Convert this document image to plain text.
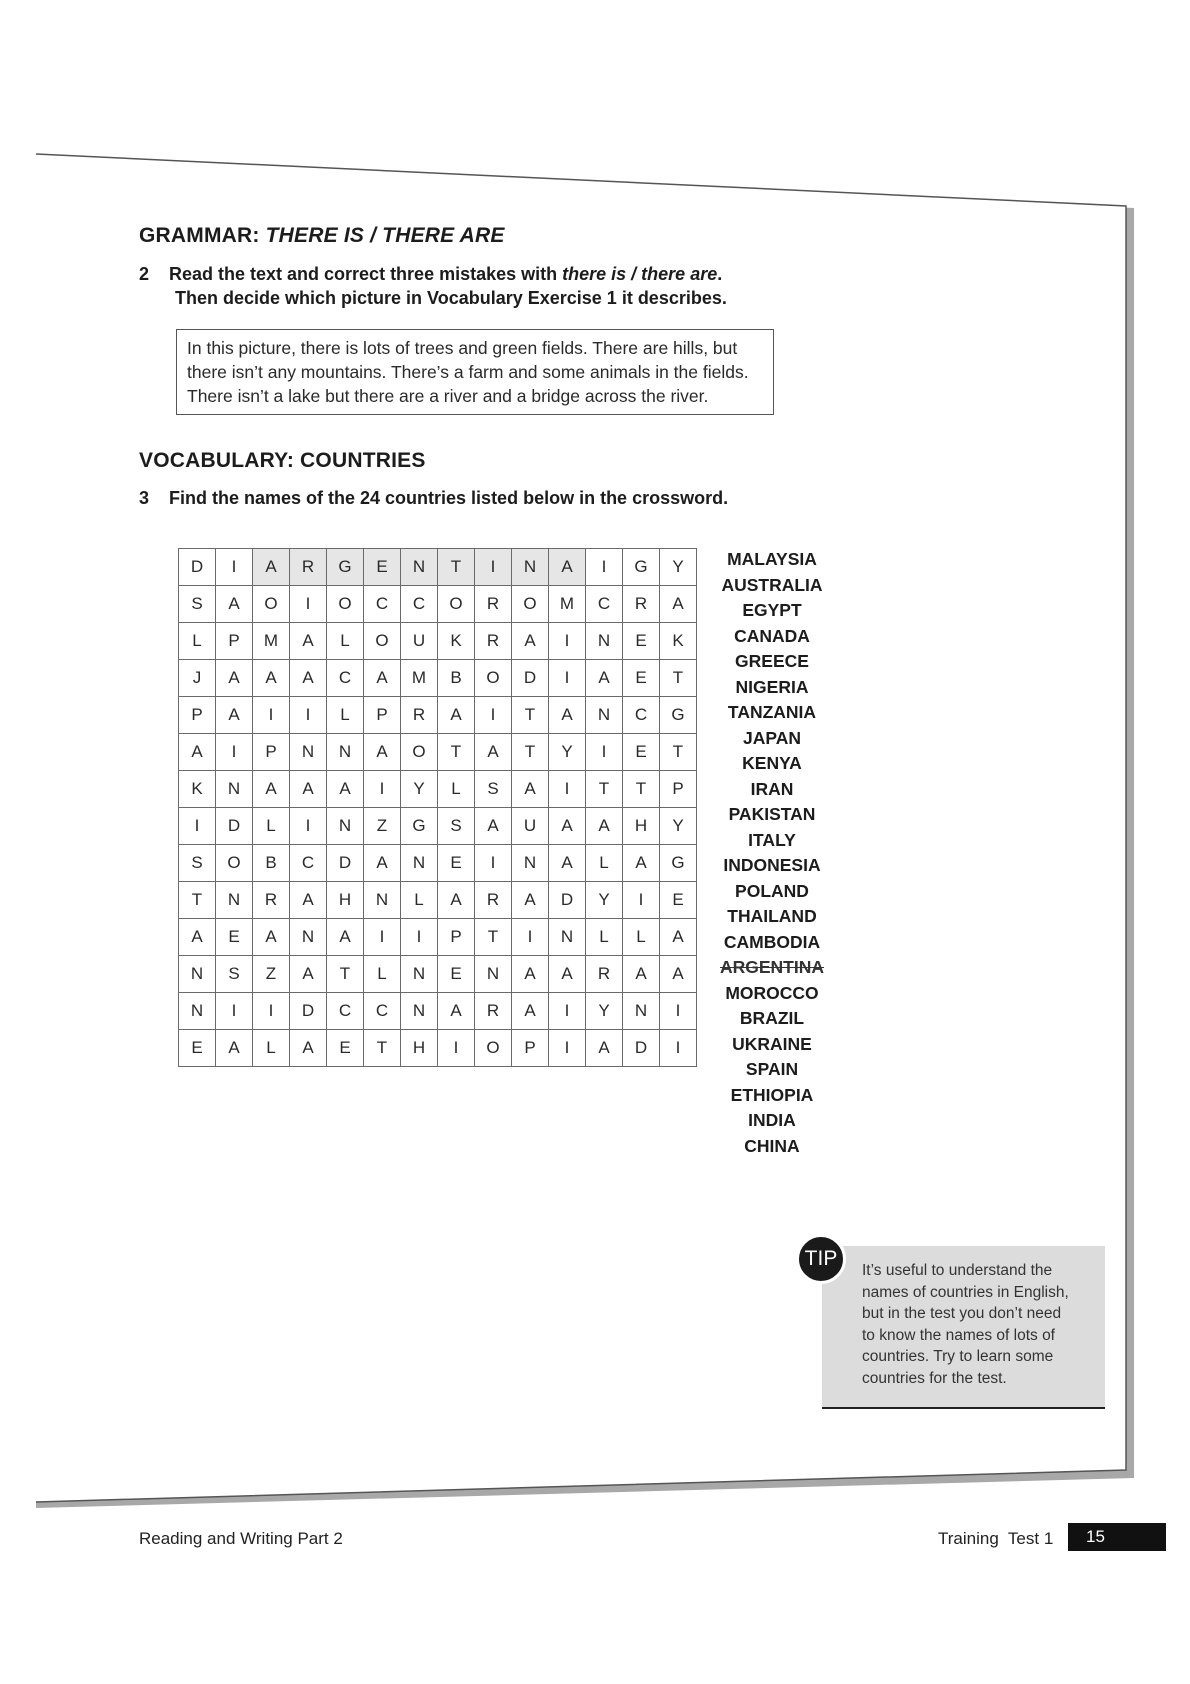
GRAMMAR: THERE IS / THERE ARE
2 Read the text and correct three mistakes with there is / there are.
Then decide which picture in Vocabulary Exercise 1 it describes.
In this picture, there is lots of trees and green fields. There are hills, but
there isn’t any mountains. There’s a farm and some animals in the fields.
There isn’t a lake but there are a river and a bridge across the river.
VOCABULARY: COUNTRIES
3 Find the names of the 24 countries listed below in the crossword.
D	I	A	R	G	E	N	T	I	N	A	I	G	Y
S	A	O	I	O	C	C	O	R	O	M	C	R	A
L	P	M	A	L	O	U	K	R	A	I	N	E	K
J	A	A	A	C	A	M	B	O	D	I	A	E	T
P	A	I	I	L	P	R	A	I	T	A	N	C	G
A	I	P	N	N	A	O	T	A	T	Y	I	E	T
K	N	A	A	A	I	Y	L	S	A	I	T	T	P
I	D	L	I	N	Z	G	S	A	U	A	A	H	Y
S	O	B	C	D	A	N	E	I	N	A	L	A	G
T	N	R	A	H	N	L	A	R	A	D	Y	I	E
A	E	A	N	A	I	I	P	T	I	N	L	L	A
N	S	Z	A	T	L	N	E	N	A	A	R	A	A
N	I	I	D	C	C	N	A	R	A	I	Y	N	I
E	A	L	A	E	T	H	I	O	P	I	A	D	I
MALAYSIA
AUSTRALIA
EGYPT
CANADA
GREECE
NIGERIA
TANZANIA
JAPAN
KENYA
IRAN
PAKISTAN
ITALY
INDONESIA
POLAND
THAILAND
CAMBODIA
ARGENTINA
MOROCCO
BRAZIL
UKRAINE
SPAIN
ETHIOPIA
INDIA
CHINA
It’s useful to understand the
names of countries in English,
but in the test you don’t need
to know the names of lots of
countries. Try to learn some
countries for the test.
TIP
Reading and Writing Part 2	Training  Test 1	15
